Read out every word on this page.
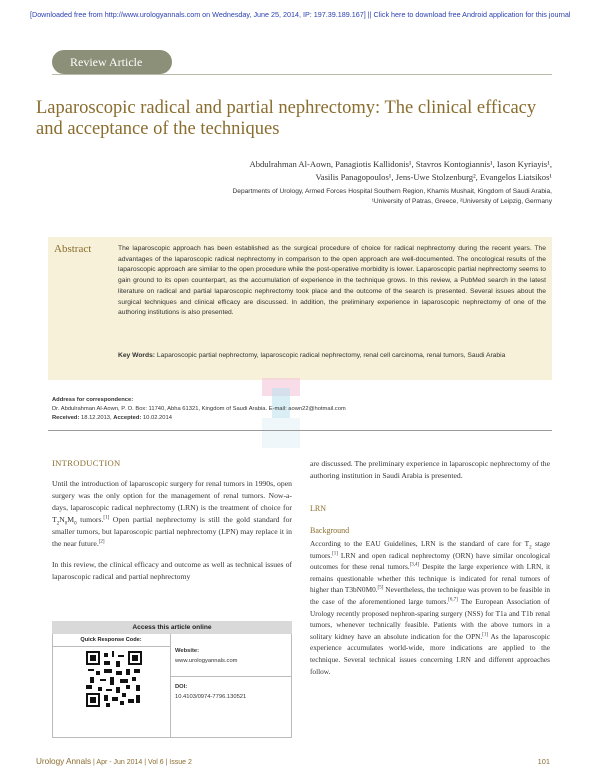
[Downloaded free from http://www.urologyannals.com on Wednesday, June 25, 2014, IP: 197.39.189.167] || Click here to download free Android application for this journal
Review Article
Laparoscopic radical and partial nephrectomy: The clinical efficacy and acceptance of the techniques
Abdulrahman Al-Aown, Panagiotis Kallidonis¹, Stavros Kontogiannis¹, Iason Kyriayis¹,
Vasilis Panagopoulos¹, Jens-Uwe Stolzenburg², Evangelos Liatsikos¹
Departments of Urology, Armed Forces Hospital Southern Region, Khamis Mushait, Kingdom of Saudi Arabia,
¹University of Patras, Greece, ²University of Leipzig, Germany
Abstract	The laparoscopic approach has been established as the surgical procedure of choice for radical nephrectomy during the recent years. The advantages of the laparoscopic radical nephrectomy in comparison to the open approach are well-documented. The oncological results of the laparoscopic approach are similar to the open procedure while the post-operative morbidity is lower. Laparoscopic partial nephrectomy seems to gain ground to its open counterpart, as the accumulation of experience in the technique grows. In this review, a PubMed search in the latest literature on radical and partial laparoscopic nephrectomy took place and the outcome of the search is presented. Several issues about the surgical techniques and clinical efficacy are discussed. In addition, the preliminary experience in laparoscopic nephrectomy of one of the authoring institutions is also presented.
Key Words: Laparoscopic partial nephrectomy, laparoscopic radical nephrectomy, renal cell carcinoma, renal tumors, Saudi Arabia
Address for correspondence:
Dr. Abdulrahman Al-Aown, P. O. Box: 11740, Abha 61321, Kingdom of Saudi Arabia. E-mail: aown22@hotmail.com
Received: 18.12.2013, Accepted: 10.02.2014
INTRODUCTION

Until the introduction of laparoscopic surgery for renal tumors in 1990s, open surgery was the only option for the management of renal tumors. Now-a-days, laparoscopic radical nephrectomy (LRN) is the treatment of choice for $T_2N_0M_0$ tumors.[1] Open partial nephrectomy is still the gold standard for smaller tumors, but laparoscopic partial nephrectomy (LPN) may replace it in the near future.[2]

In this review, the clinical efficacy and outcome as well as technical issues of laparoscopic radical and partial nephrectomy

are discussed. The preliminary experience in laparoscopic nephrectomy of the authoring institution in Saudi Arabia is presented.

LRN
Background
According to the EAU Guidelines, LRN is the standard of care for $T_2$ stage tumors.[1] LRN and open radical nephrectomy (ORN) have similar oncological outcomes for these renal tumors.[3,4] Despite the large experience with LRN, it remains questionable whether this technique is indicated for renal tumors of higher than T3bN0M0.[5] Nevertheless, the technique was proven to be feasible in the case of the aforementioned large tumors.[6,7] The European Association of Urology recently proposed nephron-sparing surgery (NSS) for T1a and T1b renal tumors, whenever technically feasible. Patients with the above tumors in a solitary kidney have an absolute indication for the OPN.[1] As the laparoscopic experience accumulates world-wide, more indications are applied to the technique. Several technical issues concerning LRN and different approaches follow.
Access this article online
Quick Response Code:
Website:
www.urologyannals.com
DOI:
10.4103/0974-7796.130521
Urology Annals | Apr - Jun 2014 | Vol 6 | Issue 2	101
